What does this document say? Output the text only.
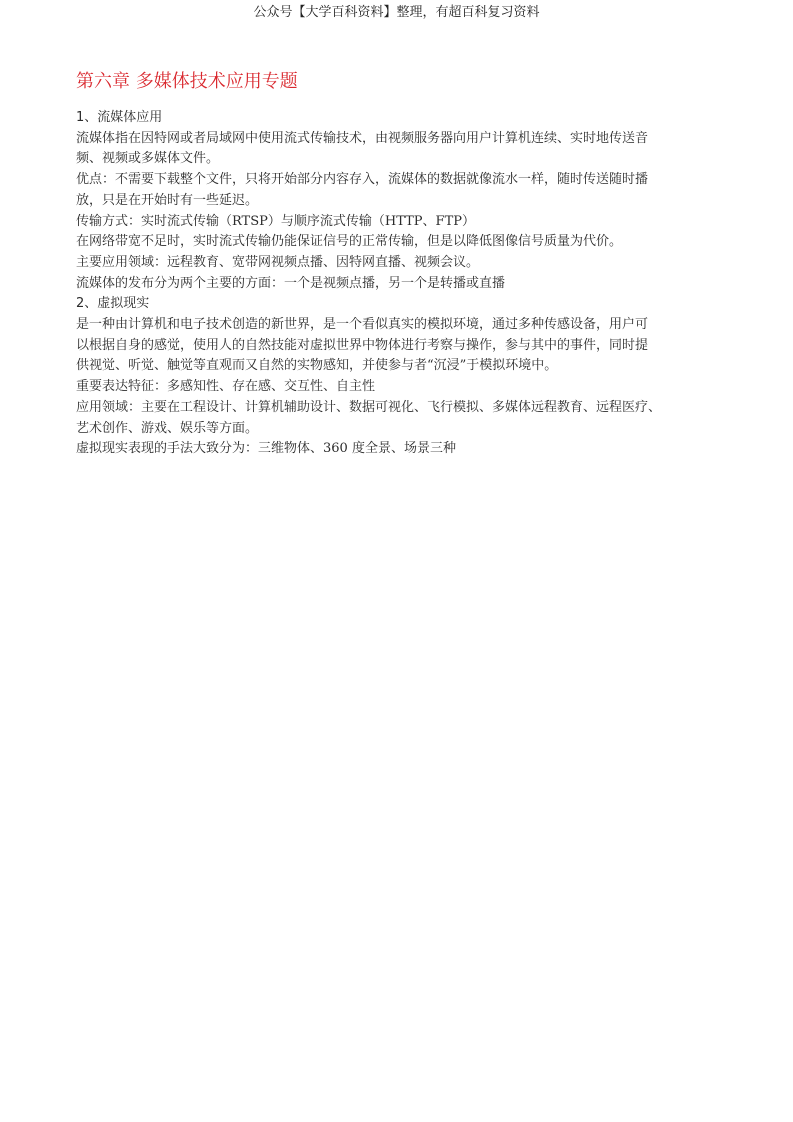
公众号【大学百科资料】整理，有超百科复习资料
第六章 多媒体技术应用专题

1、流媒体应用

流媒体指在因特网或者局域网中使用流式传输技术，由视频服务器向用户计算机连续、实时地传送音

频、视频或多媒体文件。

优点：不需要下载整个文件，只将开始部分内容存入，流媒体的数据就像流水一样，随时传送随时播

放，只是在开始时有一些延迟。

传输方式：实时流式传输（RTSP）与顺序流式传输（HTTP、FTP）

在网络带宽不足时，实时流式传输仍能保证信号的正常传输，但是以降低图像信号质量为代价。

主要应用领域：远程教育、宽带网视频点播、因特网直播、视频会议。

流媒体的发布分为两个主要的方面：一个是视频点播，另一个是转播或直播

2、虚拟现实

是一种由计算机和电子技术创造的新世界，是一个看似真实的模拟环境，通过多种传感设备，用户可

以根据自身的感觉，使用人的自然技能对虚拟世界中物体进行考察与操作，参与其中的事件，同时提

供视觉、听觉、触觉等直观而又自然的实物感知，并使参与者“沉浸”于模拟环境中。

重要表达特征：多感知性、存在感、交互性、自主性

应用领域：主要在工程设计、计算机辅助设计、数据可视化、飞行模拟、多媒体远程教育、远程医疗、

艺术创作、游戏、娱乐等方面。

虚拟现实表现的手法大致分为：三维物体、360 度全景、场景三种
